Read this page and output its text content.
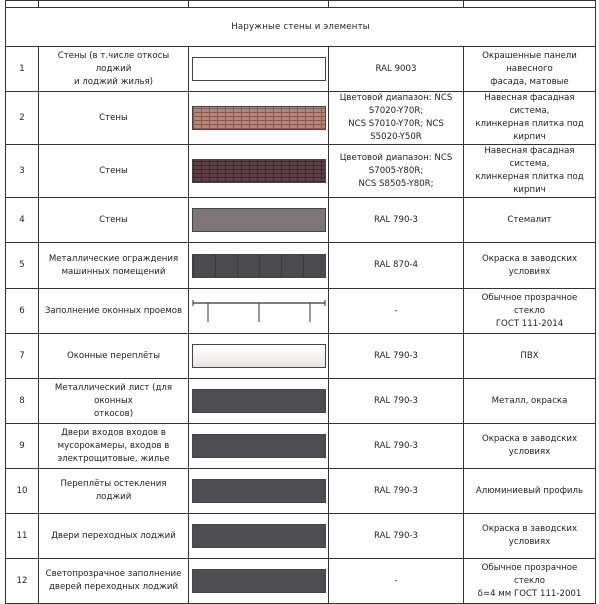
Наружные стены и элементы				
1	Стены (в т.числе откосы лоджий
и лоджий жилья)		RAL 9003	Окрашенные панели навесного
фасада, матовые
2	Стены		Цветовой диапазон: NCS S7020-Y70R;
NCS S7010-Y70R; NCS S5020-Y50R	Навесная фасадная система,
клинкерная плитка под кирпич
3	Стены		Цветовой диапазон: NCS S7005-Y80R;
NCS S8505-Y80R;	Навесная фасадная система,
клинкерная плитка под кирпич
4	Стены		RAL 790-3	Стемалит
5	Металлические ограждения
машинных помещений		RAL 870-4	Окраска в заводских условиях
6	Заполнение оконных проемов		-	Обычное прозрачное стекло
ГОСТ 111-2014
7	Оконные переплёты		RAL 790-3	ПВХ
8	Металлический лист (для оконных
откосов)		RAL 790-3	Металл, окраска
9	Двери входов входов в
мусорокамеры, входов в
электрощитовые, жилье		RAL 790-3	Окраска в заводских условиях
10	Переплёты остекления лоджий		RAL 790-3	Алюминиевый профиль
11	Двери переходных лоджий		RAL 790-3	Окраска в заводских условиях
12	Светопрозрачное заполнение
дверей переходных лоджий		-	Обычное прозрачное стекло
δ=4 мм ГОСТ 111-2001
